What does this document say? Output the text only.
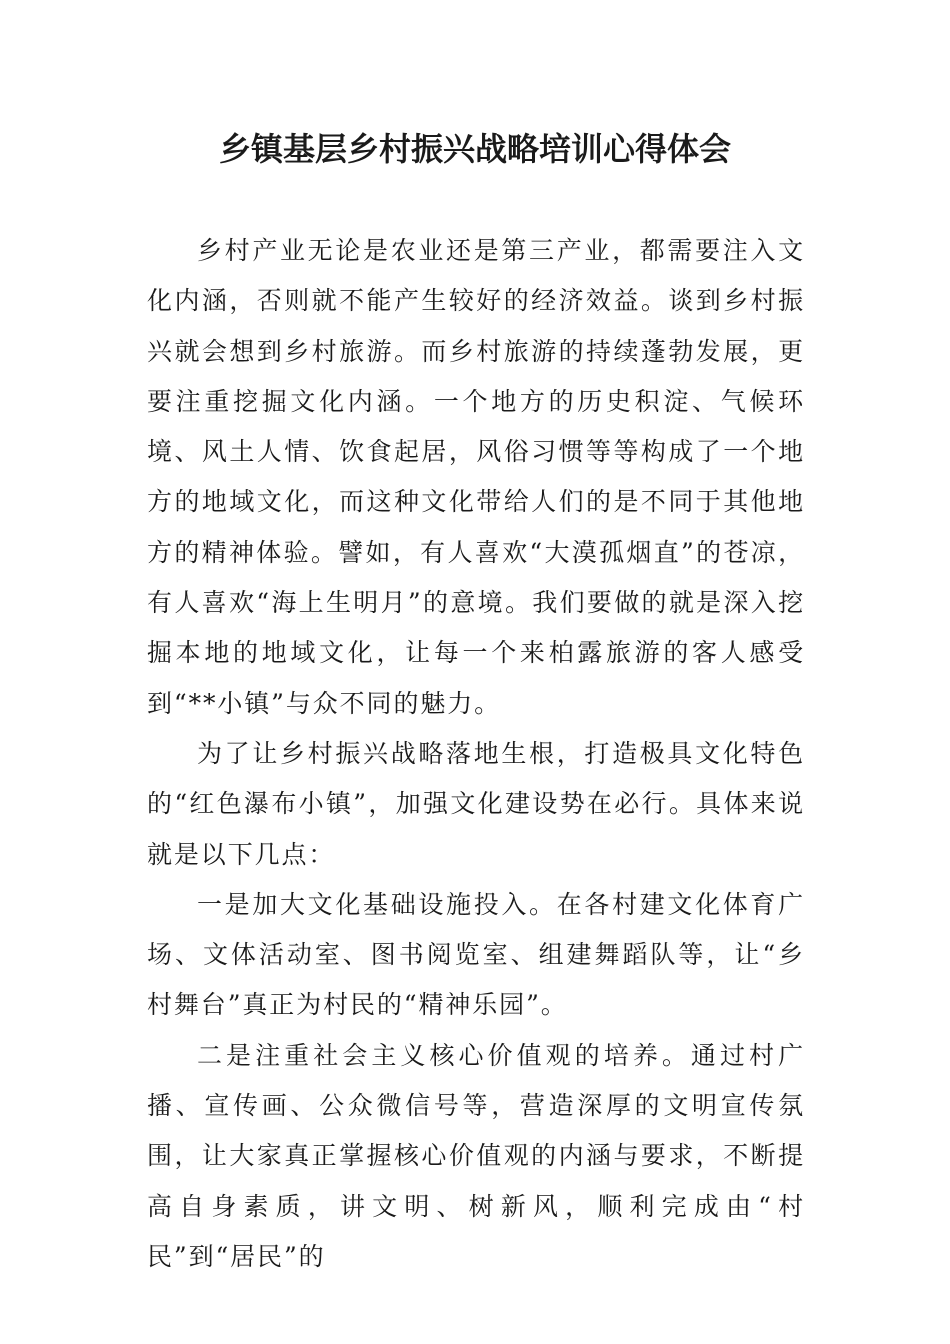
乡镇基层乡村振兴战略培训心得体会

乡村产业无论是农业还是第三产业，都需要注入文化内涵，否则就不能产生较好的经济效益。谈到乡村振兴就会想到乡村旅游。而乡村旅游的持续蓬勃发展，更要注重挖掘文化内涵。一个地方的历史积淀、气候环境、风土人情、饮食起居，风俗习惯等等构成了一个地方的地域文化，而这种文化带给人们的是不同于其他地方的精神体验。譬如，有人喜欢“大漠孤烟直”的苍凉，有人喜欢“海上生明月”的意境。我们要做的就是深入挖掘本地的地域文化，让每一个来柏露旅游的客人感受到“**小镇”与众不同的魅力。

为了让乡村振兴战略落地生根，打造极具文化特色的“红色瀑布小镇”，加强文化建设势在必行。具体来说就是以下几点：

一是加大文化基础设施投入。在各村建文化体育广场、文体活动室、图书阅览室、组建舞蹈队等，让“乡村舞台”真正为村民的“精神乐园”。

二是注重社会主义核心价值观的培养。通过村广播、宣传画、公众微信号等，营造深厚的文明宣传氛围，让大家真正掌握核心价值观的内涵与要求，不断提高自身素质，讲文明、树新风，顺利完成由“村民”到“居民”的
